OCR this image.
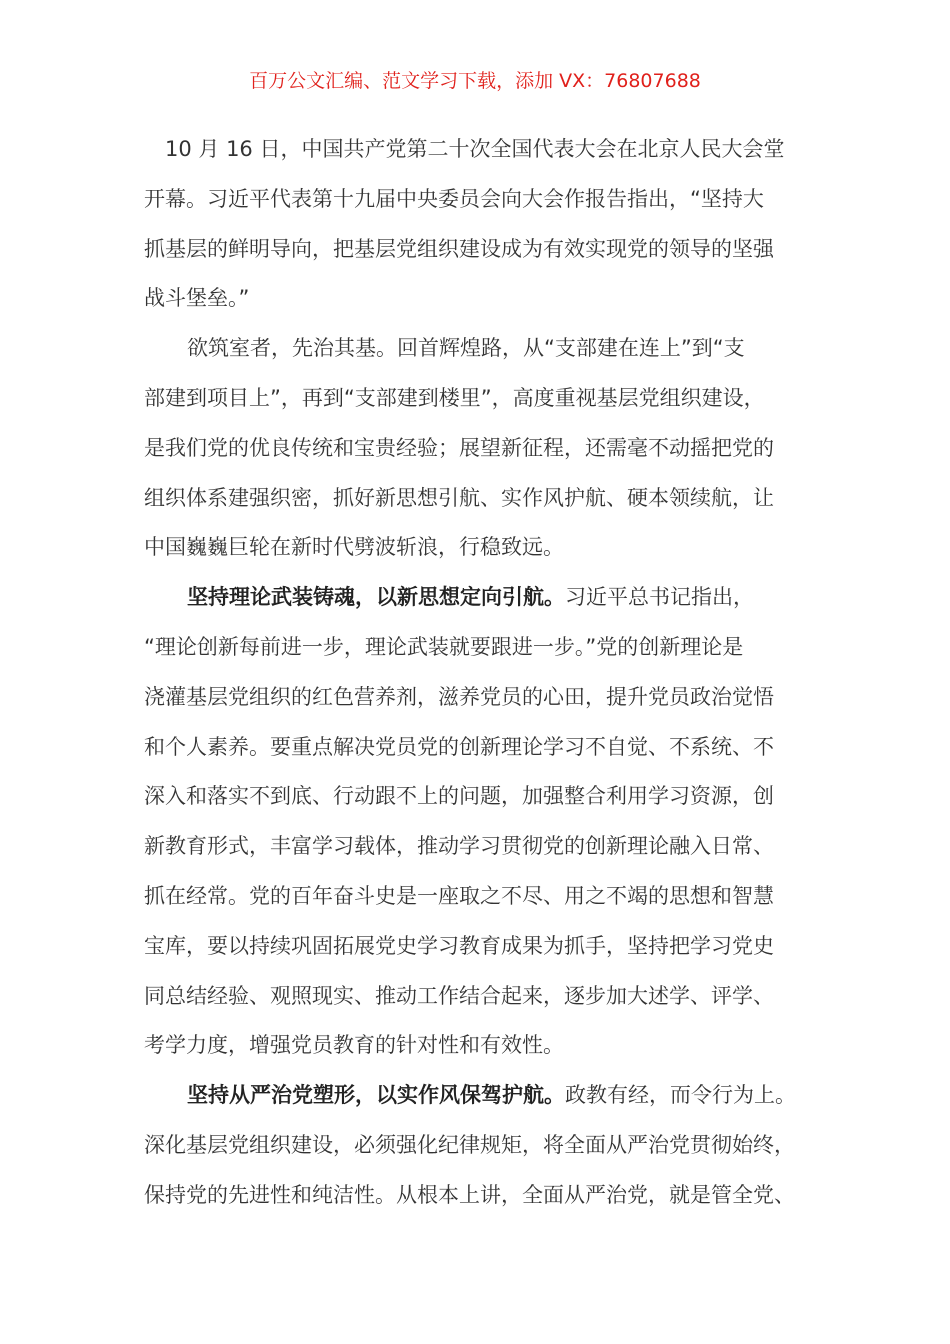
百万公文汇编、范文学习下载，添加 VX：76807688
10 月 16 日，中国共产党第二十次全国代表大会在北京人民大会堂
开幕。习近平代表第十九届中央委员会向大会作报告指出，“坚持大
抓基层的鲜明导向，把基层党组织建设成为有效实现党的领导的坚强
战斗堡垒。”
欲筑室者，先治其基。回首辉煌路，从“支部建在连上”到“支
部建到项目上”，再到“支部建到楼里”，高度重视基层党组织建设，
是我们党的优良传统和宝贵经验；展望新征程，还需毫不动摇把党的
组织体系建强织密，抓好新思想引航、实作风护航、硬本领续航，让
中国巍巍巨轮在新时代劈波斩浪，行稳致远。
坚持理论武装铸魂，以新思想定向引航。习近平总书记指出，
“理论创新每前进一步，理论武装就要跟进一步。”党的创新理论是
浇灌基层党组织的红色营养剂，滋养党员的心田，提升党员政治觉悟
和个人素养。要重点解决党员党的创新理论学习不自觉、不系统、不
深入和落实不到底、行动跟不上的问题，加强整合利用学习资源，创
新教育形式，丰富学习载体，推动学习贯彻党的创新理论融入日常、
抓在经常。党的百年奋斗史是一座取之不尽、用之不竭的思想和智慧
宝库，要以持续巩固拓展党史学习教育成果为抓手，坚持把学习党史
同总结经验、观照现实、推动工作结合起来，逐步加大述学、评学、
考学力度，增强党员教育的针对性和有效性。
坚持从严治党塑形，以实作风保驾护航。政教有经，而令行为上。
深化基层党组织建设，必须强化纪律规矩，将全面从严治党贯彻始终，
保持党的先进性和纯洁性。从根本上讲，全面从严治党，就是管全党、
